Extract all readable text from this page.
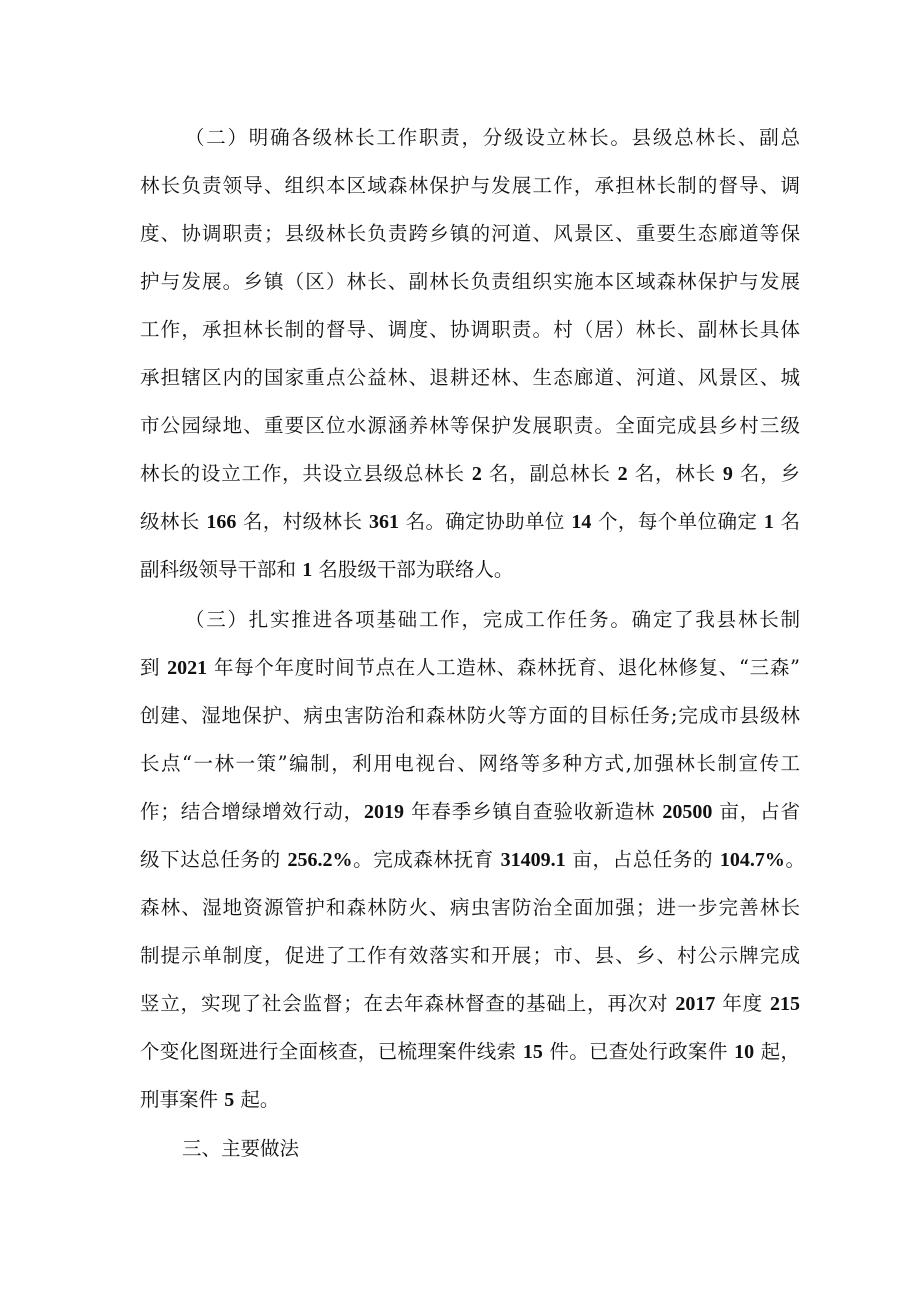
（二）明确各级林长工作职责，分级设立林长。县级总林长、副总
林长负责领导、组织本区域森林保护与发展工作，承担林长制的督导、调
度、协调职责；县级林长负责跨乡镇的河道、风景区、重要生态廊道等保
护与发展。乡镇（区）林长、副林长负责组织实施本区域森林保护与发展
工作，承担林长制的督导、调度、协调职责。村（居）林长、副林长具体
承担辖区内的国家重点公益林、退耕还林、生态廊道、河道、风景区、城
市公园绿地、重要区位水源涵养林等保护发展职责。全面完成县乡村三级
林长的设立工作，共设立县级总林长 2 名，副总林长 2 名，林长 9 名，乡
级林长 166 名，村级林长 361 名。确定协助单位 14 个，每个单位确定 1 名
副科级领导干部和 1 名股级干部为联络人。
（三）扎实推进各项基础工作，完成工作任务。确定了我县林长制
到 2021 年每个年度时间节点在人工造林、森林抚育、退化林修复、“三森”
创建、湿地保护、病虫害防治和森林防火等方面的目标任务;完成市县级林
长点“一林一策”编制，利用电视台、网络等多种方式,加强林长制宣传工
作；结合增绿增效行动，2019 年春季乡镇自查验收新造林 20500 亩，占省
级下达总任务的 256.2%。完成森林抚育 31409.1 亩，占总任务的 104.7%。
森林、湿地资源管护和森林防火、病虫害防治全面加强；进一步完善林长
制提示单制度，促进了工作有效落实和开展；市、县、乡、村公示牌完成
竖立，实现了社会监督；在去年森林督查的基础上，再次对 2017 年度 215
个变化图斑进行全面核查，已梳理案件线索 15 件。已查处行政案件 10 起，
刑事案件 5 起。
三、主要做法
